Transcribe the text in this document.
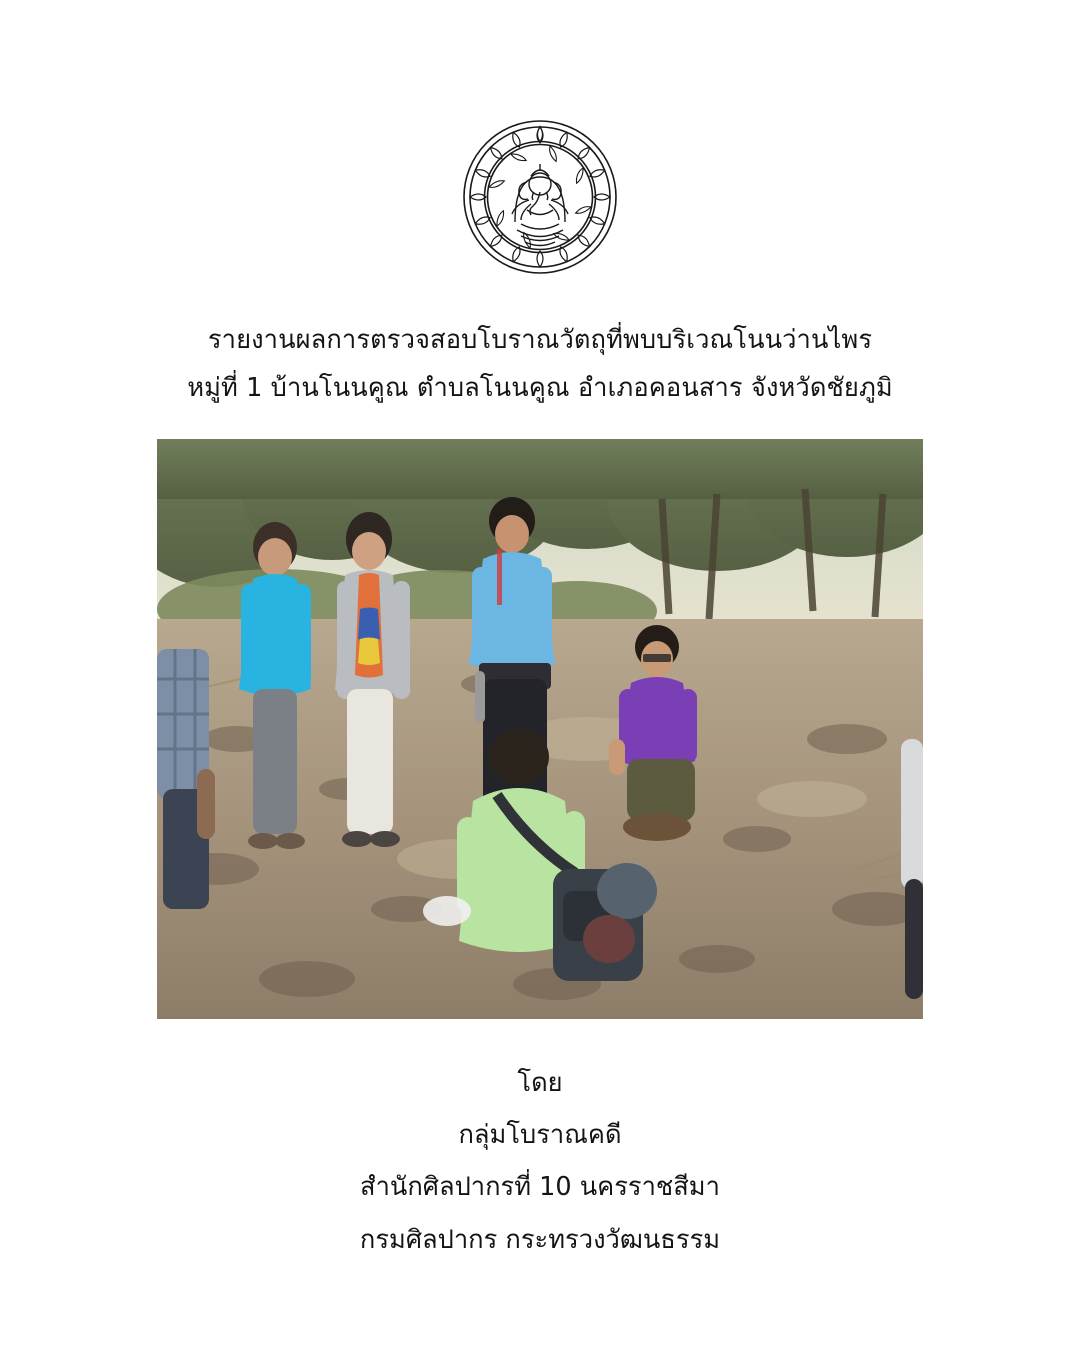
รายงานผลการตรวจสอบโบราณวัตถุที่พบบริเวณโนนว่านไพร
หมู่ที่ 1 บ้านโนนคูณ ตำบลโนนคูณ อำเภอคอนสาร จังหวัดชัยภูมิ
โดย
กลุ่มโบราณคดี
สำนักศิลปากรที่ 10 นครราชสีมา
กรมศิลปากร กระทรวงวัฒนธรรม
